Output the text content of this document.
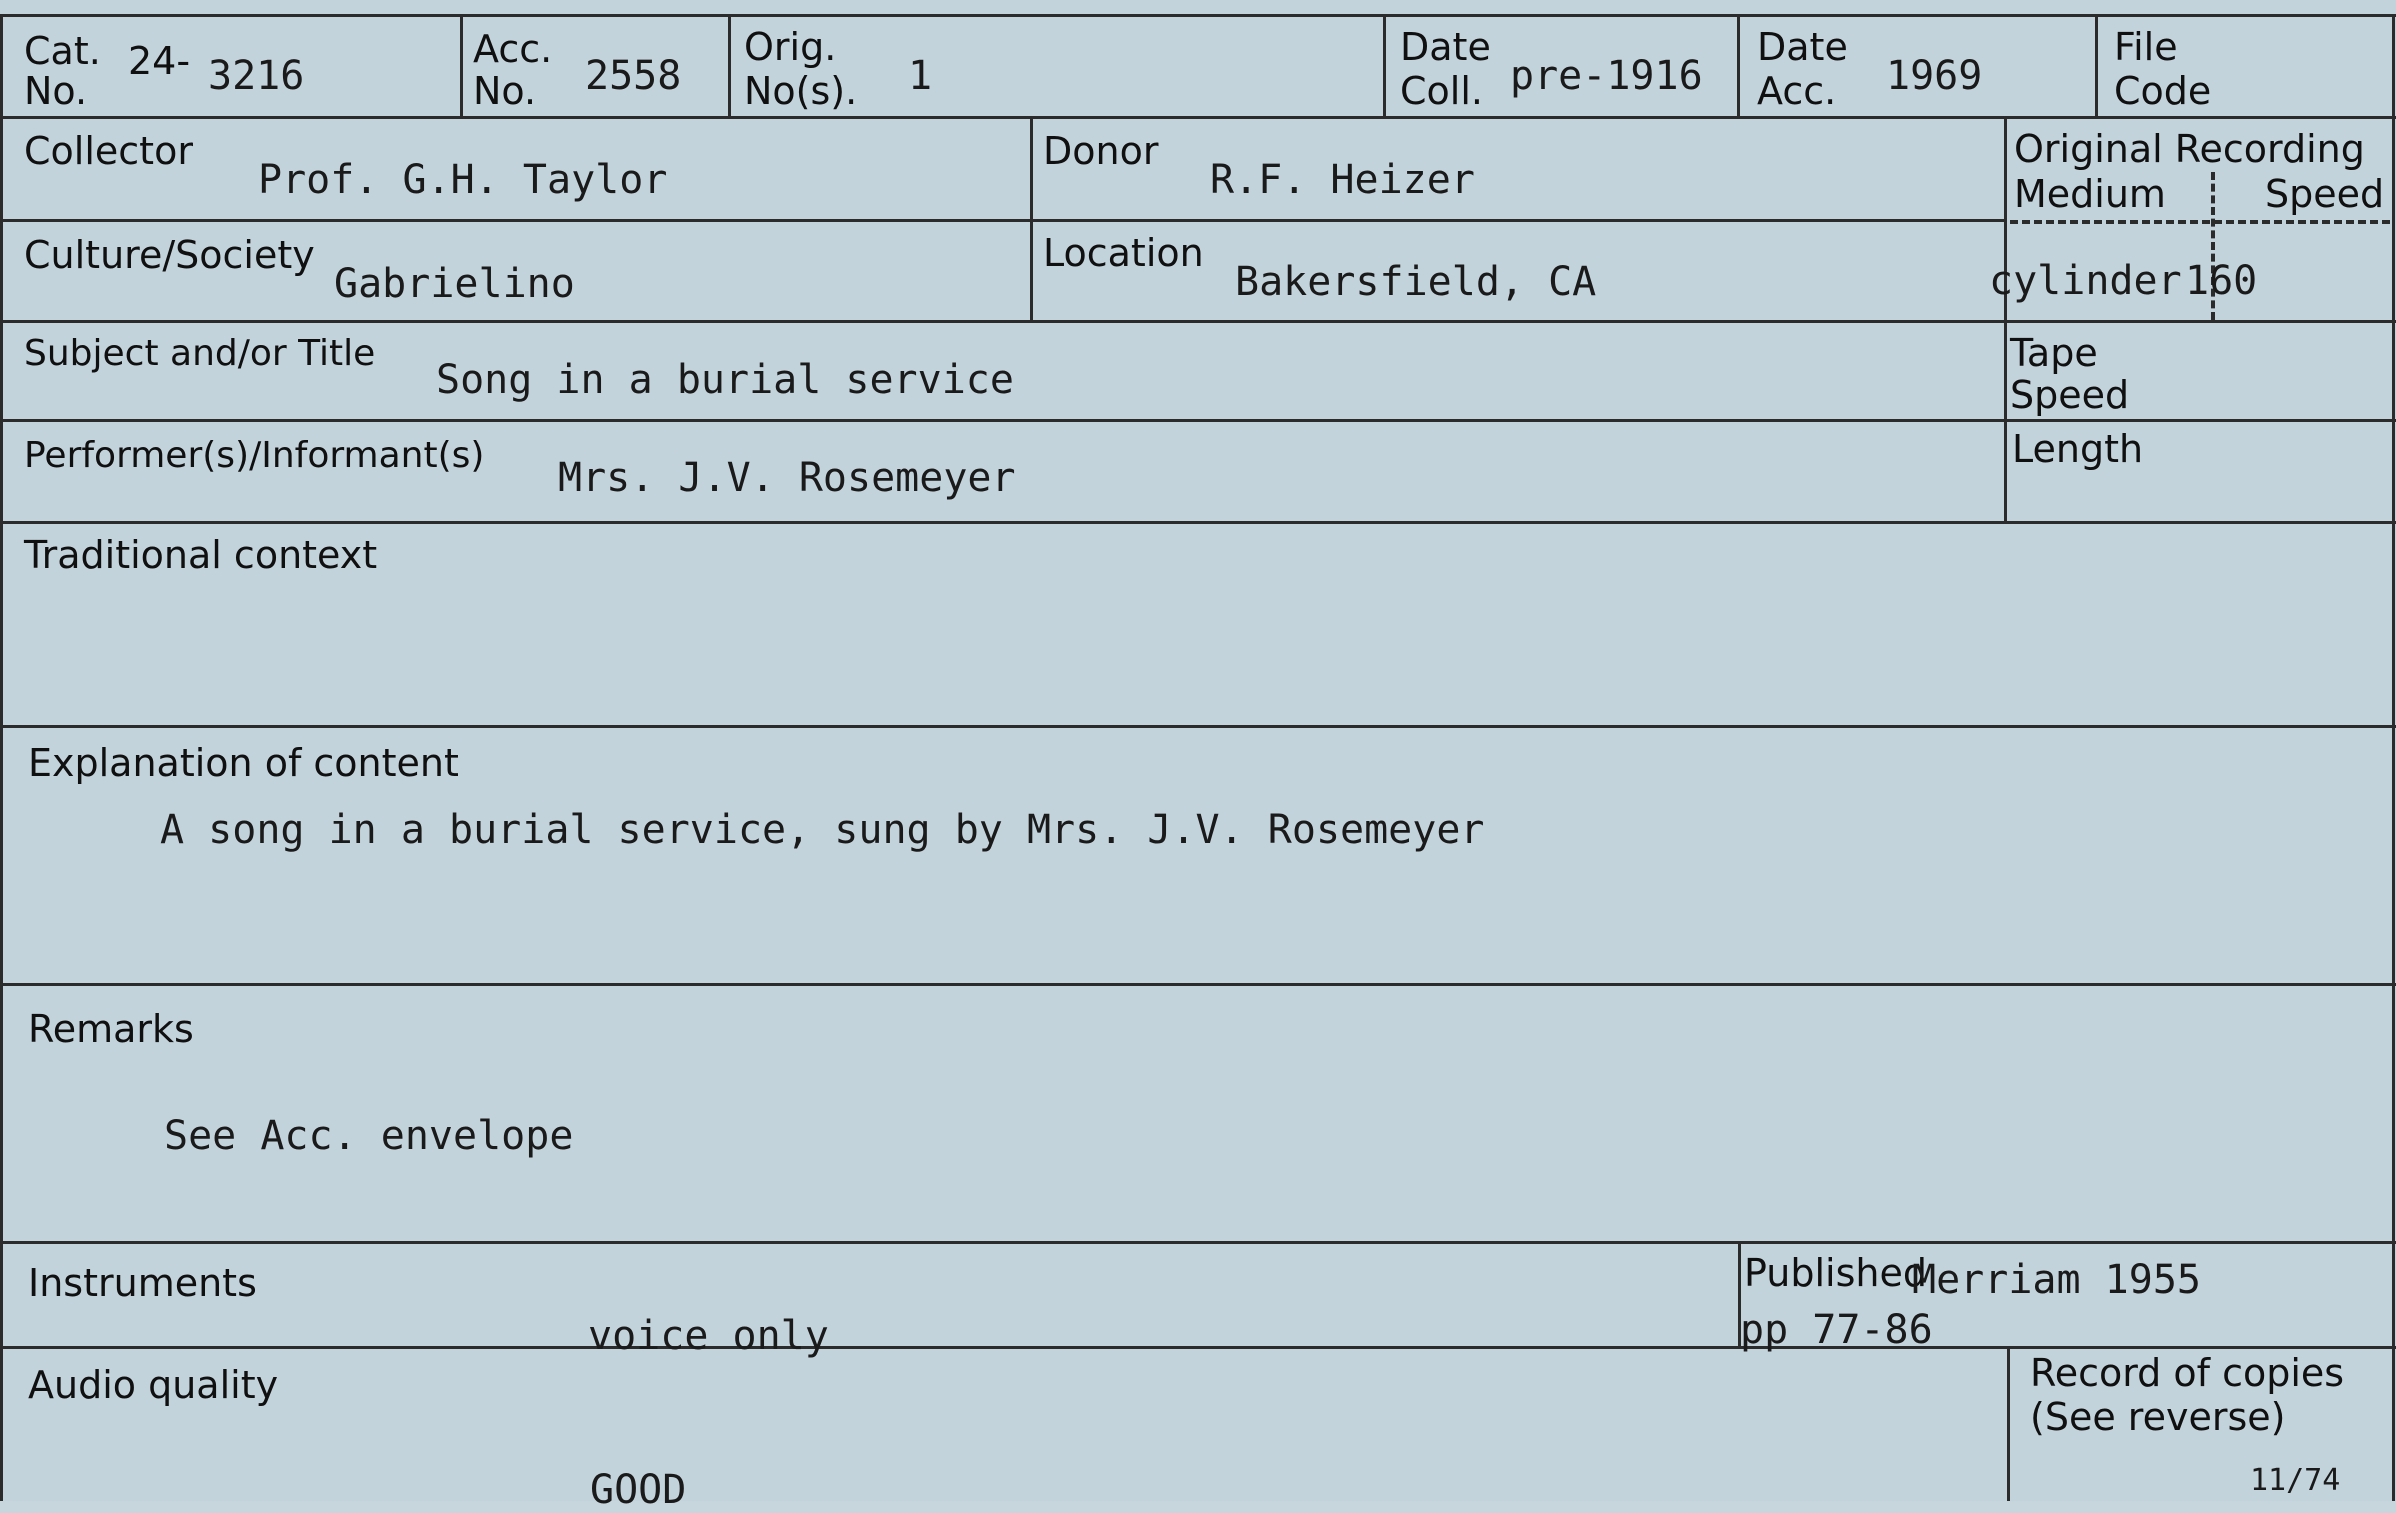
Cat.
No.
24- 3216
Acc.
No. 2558
Orig.
No(s). 1
Date
Coll. pre-1916
Date
Acc. 1969
File
Code
Collector
Prof. G.H. Taylor
Donor
R.F. Heizer
Original Recording
Medium	Speed
Culture/Society
Gabrielino
Location
Bakersfield, CA	cylinder 160
Subject and/or Title
Song in a burial service
Tape
Speed
Performer(s)/Informant(s) Mrs. J.V. Rosemeyer
Length
Traditional context
Explanation of content
A song in a burial service, sung by Mrs. J.V. Rosemeyer
Remarks
See Acc. envelope
Instruments
voice only
Published
Merriam 1955
pp 77-86
Audio quality
GOOD
Record of copies
(See reverse)
11/74
